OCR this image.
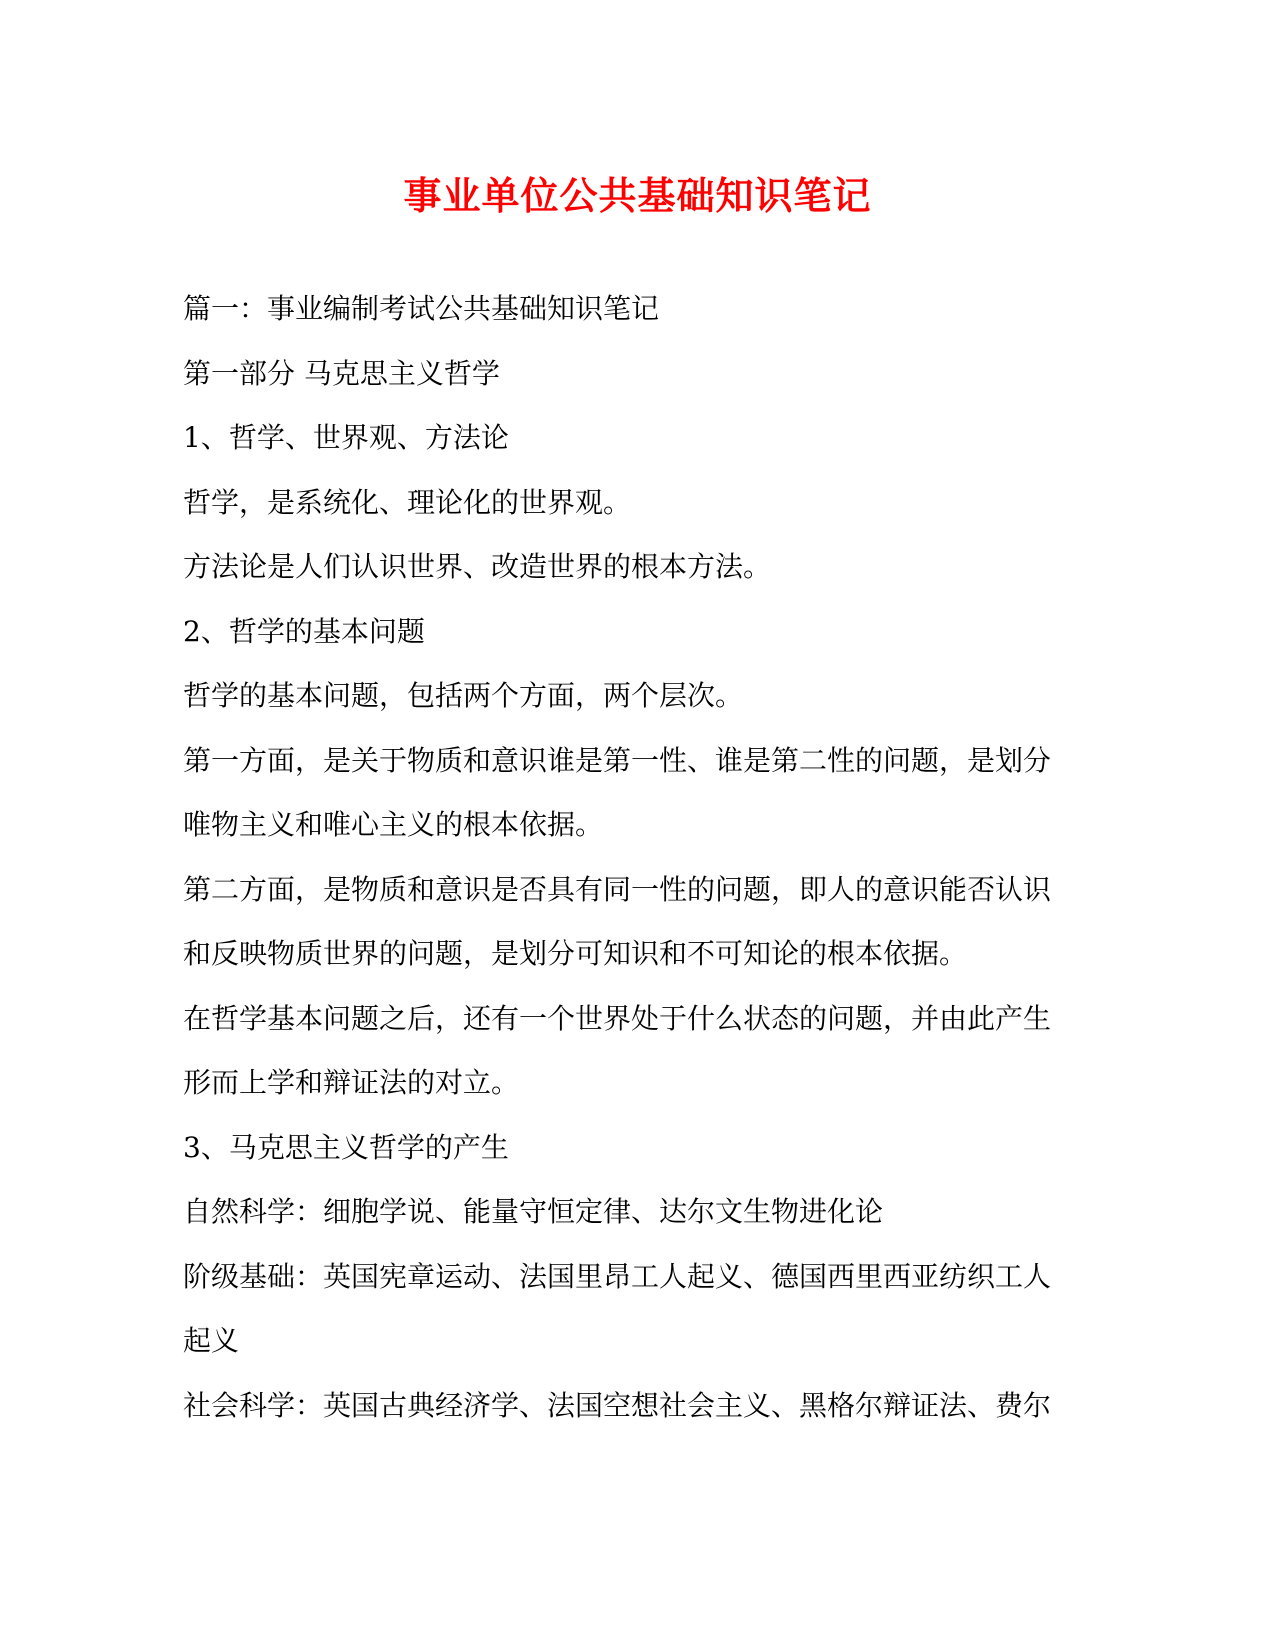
事业单位公共基础知识笔记
篇一：事业编制考试公共基础知识笔记
第一部分 马克思主义哲学
1、哲学、世界观、方法论
哲学，是系统化、理论化的世界观。
方法论是人们认识世界、改造世界的根本方法。
2、哲学的基本问题
哲学的基本问题，包括两个方面，两个层次。
第一方面，是关于物质和意识谁是第一性、谁是第二性的问题，是划分
唯物主义和唯心主义的根本依据。
第二方面，是物质和意识是否具有同一性的问题，即人的意识能否认识
和反映物质世界的问题，是划分可知识和不可知论的根本依据。
在哲学基本问题之后，还有一个世界处于什么状态的问题，并由此产生
形而上学和辩证法的对立。
3、马克思主义哲学的产生
自然科学：细胞学说、能量守恒定律、达尔文生物进化论
阶级基础：英国宪章运动、法国里昂工人起义、德国西里西亚纺织工人
起义
社会科学：英国古典经济学、法国空想社会主义、黑格尔辩证法、费尔
